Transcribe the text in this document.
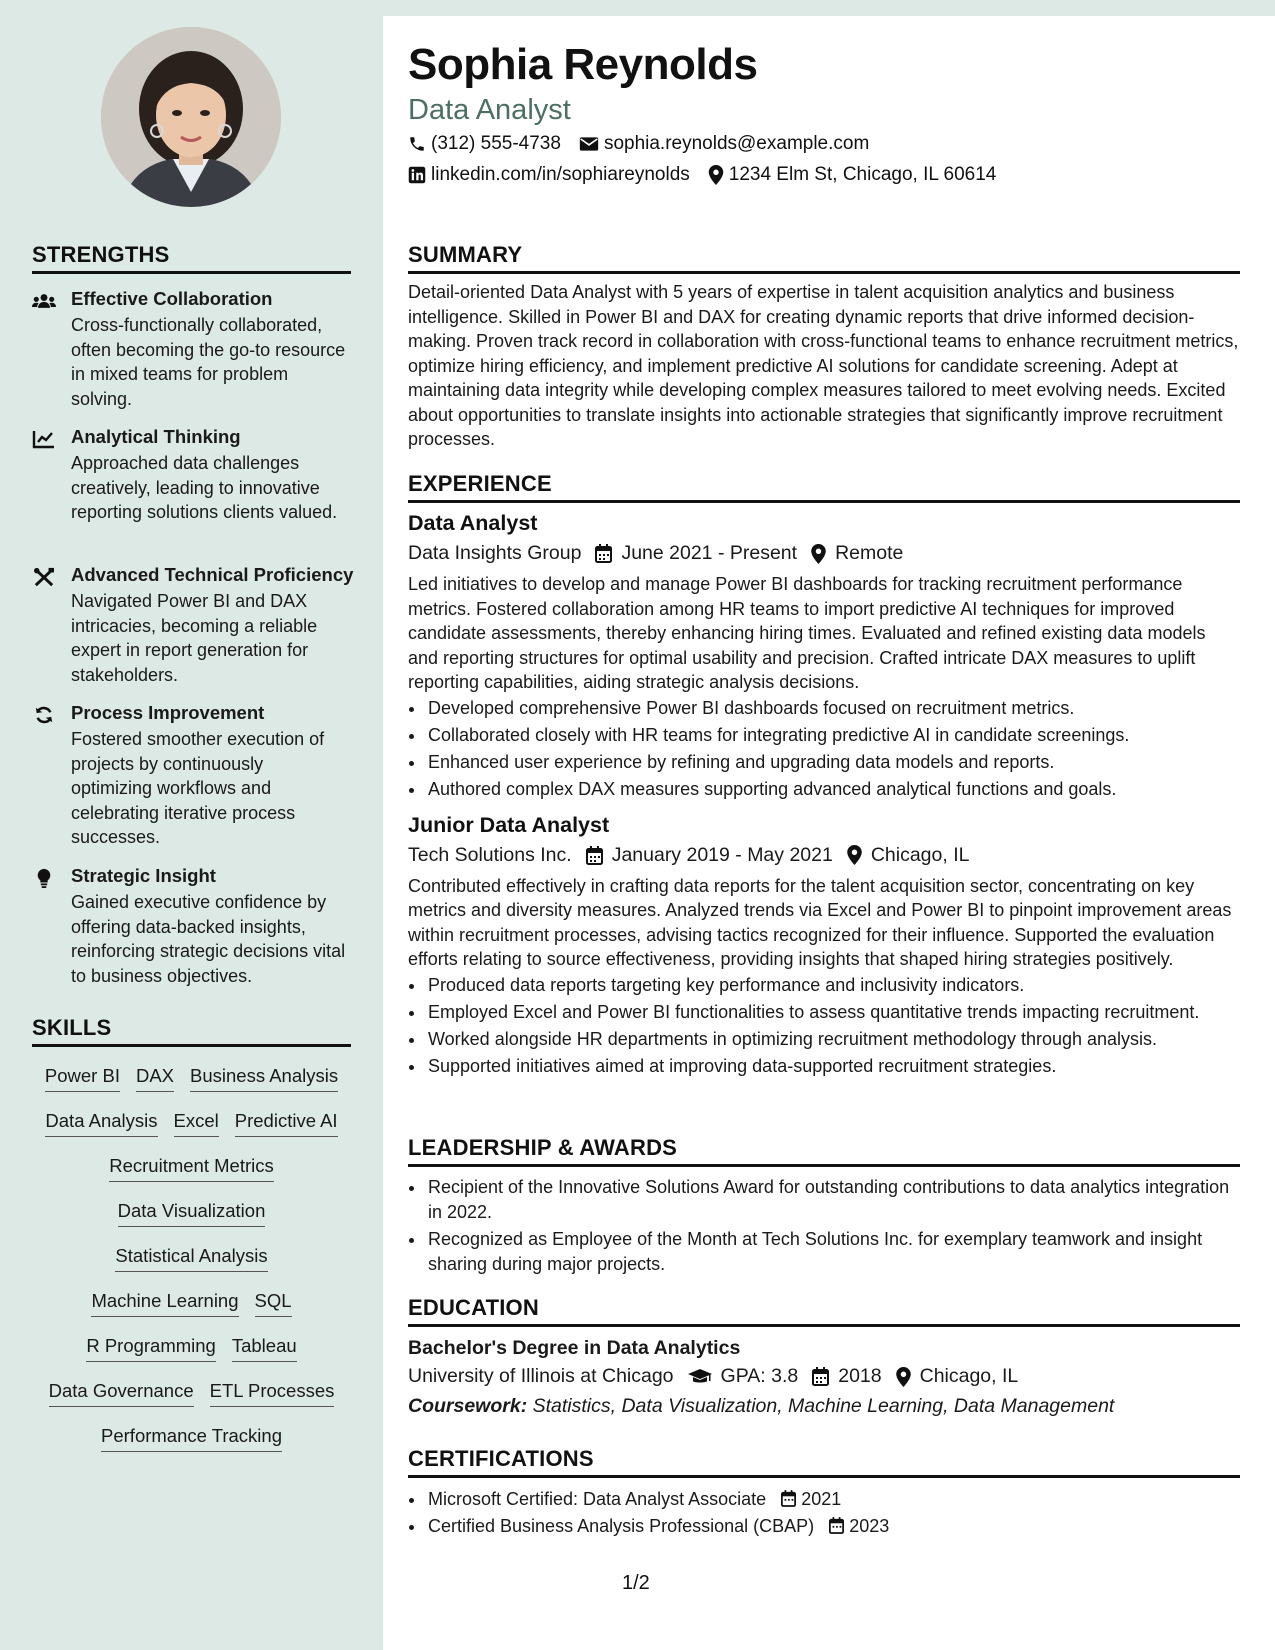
Sophia Reynolds
Data Analyst
(312) 555-4738 sophia.reynolds@example.com
linkedin.com/in/sophiareynolds 1234 Elm St, Chicago, IL 60614
STRENGTHS
Effective Collaboration
Cross-functionally collaborated, often becoming the go-to resource in mixed teams for problem solving.
Analytical Thinking
Approached data challenges creatively, leading to innovative reporting solutions clients valued.
Advanced Technical Proficiency
Navigated Power BI and DAX intricacies, becoming a reliable expert in report generation for stakeholders.
Process Improvement
Fostered smoother execution of projects by continuously optimizing workflows and celebrating iterative process successes.
Strategic Insight
Gained executive confidence by offering data-backed insights, reinforcing strategic decisions vital to business objectives.
SKILLS
Power BI DAX Business Analysis
Data Analysis Excel Predictive AI
Recruitment Metrics
Data Visualization
Statistical Analysis
Machine Learning SQL
R Programming Tableau
Data Governance ETL Processes
Performance Tracking
SUMMARY
Detail-oriented Data Analyst with 5 years of expertise in talent acquisition analytics and business intelligence. Skilled in Power BI and DAX for creating dynamic reports that drive informed decision-making. Proven track record in collaboration with cross-functional teams to enhance recruitment metrics, optimize hiring efficiency, and implement predictive AI solutions for candidate screening. Adept at maintaining data integrity while developing complex measures tailored to meet evolving needs. Excited about opportunities to translate insights into actionable strategies that significantly improve recruitment processes.
EXPERIENCE
Data Analyst
Data Insights Group June 2021 - Present Remote
Led initiatives to develop and manage Power BI dashboards for tracking recruitment performance metrics. Fostered collaboration among HR teams to import predictive AI techniques for improved candidate assessments, thereby enhancing hiring times. Evaluated and refined existing data models and reporting structures for optimal usability and precision. Crafted intricate DAX measures to uplift reporting capabilities, aiding strategic analysis decisions.
• Developed comprehensive Power BI dashboards focused on recruitment metrics.
• Collaborated closely with HR teams for integrating predictive AI in candidate screenings.
• Enhanced user experience by refining and upgrading data models and reports.
• Authored complex DAX measures supporting advanced analytical functions and goals.
Junior Data Analyst
Tech Solutions Inc. January 2019 - May 2021 Chicago, IL
Contributed effectively in crafting data reports for the talent acquisition sector, concentrating on key metrics and diversity measures. Analyzed trends via Excel and Power BI to pinpoint improvement areas within recruitment processes, advising tactics recognized for their influence. Supported the evaluation efforts relating to source effectiveness, providing insights that shaped hiring strategies positively.
• Produced data reports targeting key performance and inclusivity indicators.
• Employed Excel and Power BI functionalities to assess quantitative trends impacting recruitment.
• Worked alongside HR departments in optimizing recruitment methodology through analysis.
• Supported initiatives aimed at improving data-supported recruitment strategies.
LEADERSHIP & AWARDS
• Recipient of the Innovative Solutions Award for outstanding contributions to data analytics integration in 2022.
• Recognized as Employee of the Month at Tech Solutions Inc. for exemplary teamwork and insight sharing during major projects.
EDUCATION
Bachelor's Degree in Data Analytics
University of Illinois at Chicago GPA: 3.8 2018 Chicago, IL
Coursework: Statistics, Data Visualization, Machine Learning, Data Management
CERTIFICATIONS
• Microsoft Certified: Data Analyst Associate 2021
• Certified Business Analysis Professional (CBAP) 2023
1/2
